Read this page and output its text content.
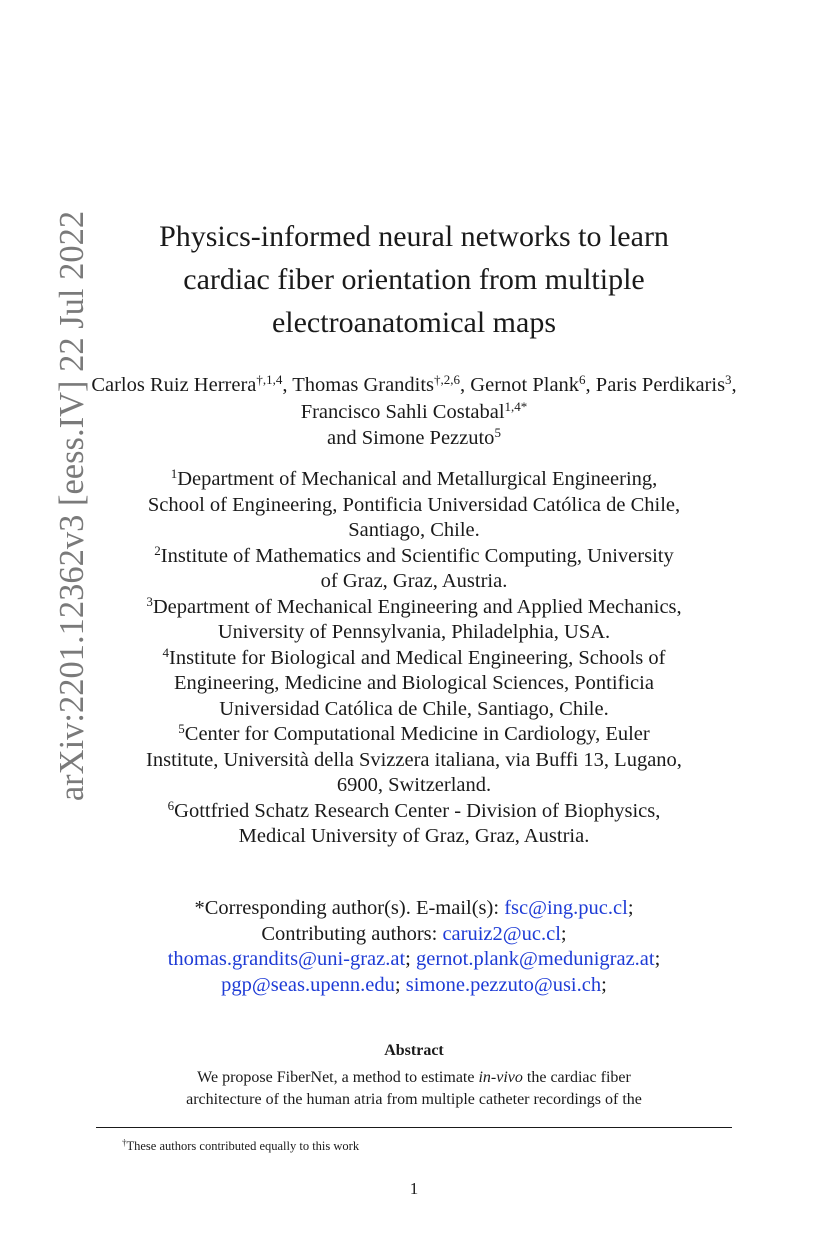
arXiv:2201.12362v3 [eess.IV] 22 Jul 2022	Physics-informed neural networks to learn
cardiac fiber orientation from multiple
electroanatomical maps
Carlos Ruiz Herrera$^{\dagger,1,4}$, Thomas Grandits$^{\dagger,2,6}$, Gernot Plank$^6$, Paris Perdikaris$^3$, Francisco Sahli Costabal$^{1,4*}$
and Simone Pezzuto$^5$
$^1$Department of Mechanical and Metallurgical Engineering,
School of Engineering, Pontificia Universidad Católica de Chile,
Santiago, Chile.
$^2$Institute of Mathematics and Scientific Computing, University
of Graz, Graz, Austria.
$^3$Department of Mechanical Engineering and Applied Mechanics,
University of Pennsylvania, Philadelphia, USA.
$^4$Institute for Biological and Medical Engineering, Schools of
Engineering, Medicine and Biological Sciences, Pontificia
Universidad Católica de Chile, Santiago, Chile.
$^5$Center for Computational Medicine in Cardiology, Euler
Institute, Università della Svizzera italiana, via Buffi 13, Lugano,
6900, Switzerland.
$^6$Gottfried Schatz Research Center - Division of Biophysics,
Medical University of Graz, Graz, Austria.
*Corresponding author(s). E-mail(s): fsc@ing.puc.cl;
Contributing authors: caruiz2@uc.cl;
thomas.grandits@uni-graz.at; gernot.plank@medunigraz.at;
pgp@seas.upenn.edu; simone.pezzuto@usi.ch;
Abstract
We propose FiberNet, a method to estimate in-vivo the cardiac fiber
architecture of the human atria from multiple catheter recordings of the
†These authors contributed equally to this work
1
